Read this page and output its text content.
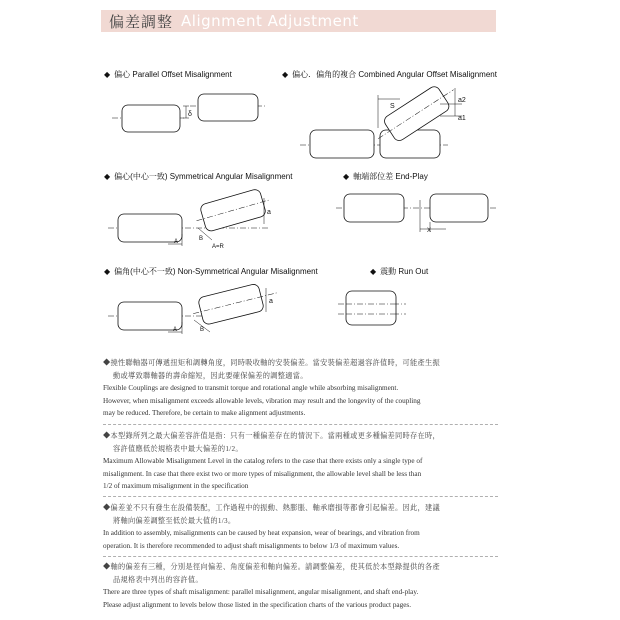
偏差調整 Alignment Adjustment
◆ 偏心 Parallel Offset Misalignment	◆ 偏心．偏角的複合 Combined Angular Offset Misalignment
◆ 偏心(中心一致) Symmetrical Angular Misalignment	◆ 軸端部位差 End-Play
◆ 偏角(中心不一致) Non-Symmetrical Angular Misalignment	◆ 震動 Run Out
δ
S
a2
a1
a
A	B
A=R
X
a
A	B
◆撓性聯軸器可傳遞扭矩和調轉角度，同時吸收軸的安裝偏差。當安裝偏差超過容許值時，可能產生振
動或導致聯軸器的壽命縮短，因此要確保偏差的調整適當。
Flexible Couplings are designed to transmit torque and rotational angle while absorbing misalignment.
However, when misalignment exceeds allowable levels, vibration may result and the longevity of the coupling
may be reduced. Therefore, be certain to make alignment adjustments.
◆本型錄所列之最大偏差容許值是指：只有一種偏差存在的情況下。當兩種或更多種偏差同時存在時，
容許值應低於規格表中最大偏差的1/2。
Maximum Allowable Misalignment Level in the catalog refers to the case that there exists only a single type of
misalignment. In case that there exist two or more types of misalignment, the allowable level shall be less than
1/2 of maximum misalignment in the specification
◆偏差並不只有發生在設備裝配，工作過程中的振動、熱膨脹、軸承磨損等都會引起偏差。因此，建議
將軸向偏差調整至低於最大值的1/3。
In addition to assembly, misalignments can be caused by heat expansion, wear of bearings, and vibration from
operation. It is therefore recommended to adjust shaft misalignments to below 1/3 of maximum values.
◆軸的偏差有三種，分別是徑向偏差、角度偏差和軸向偏差。請調整偏差，使其低於本型錄提供的各產
品規格表中列出的容許值。
There are three types of shaft misalignment: parallel misalignment, angular misalignment, and shaft end-play.
Please adjust alignment to levels below those listed in the specification charts of the various product pages.
